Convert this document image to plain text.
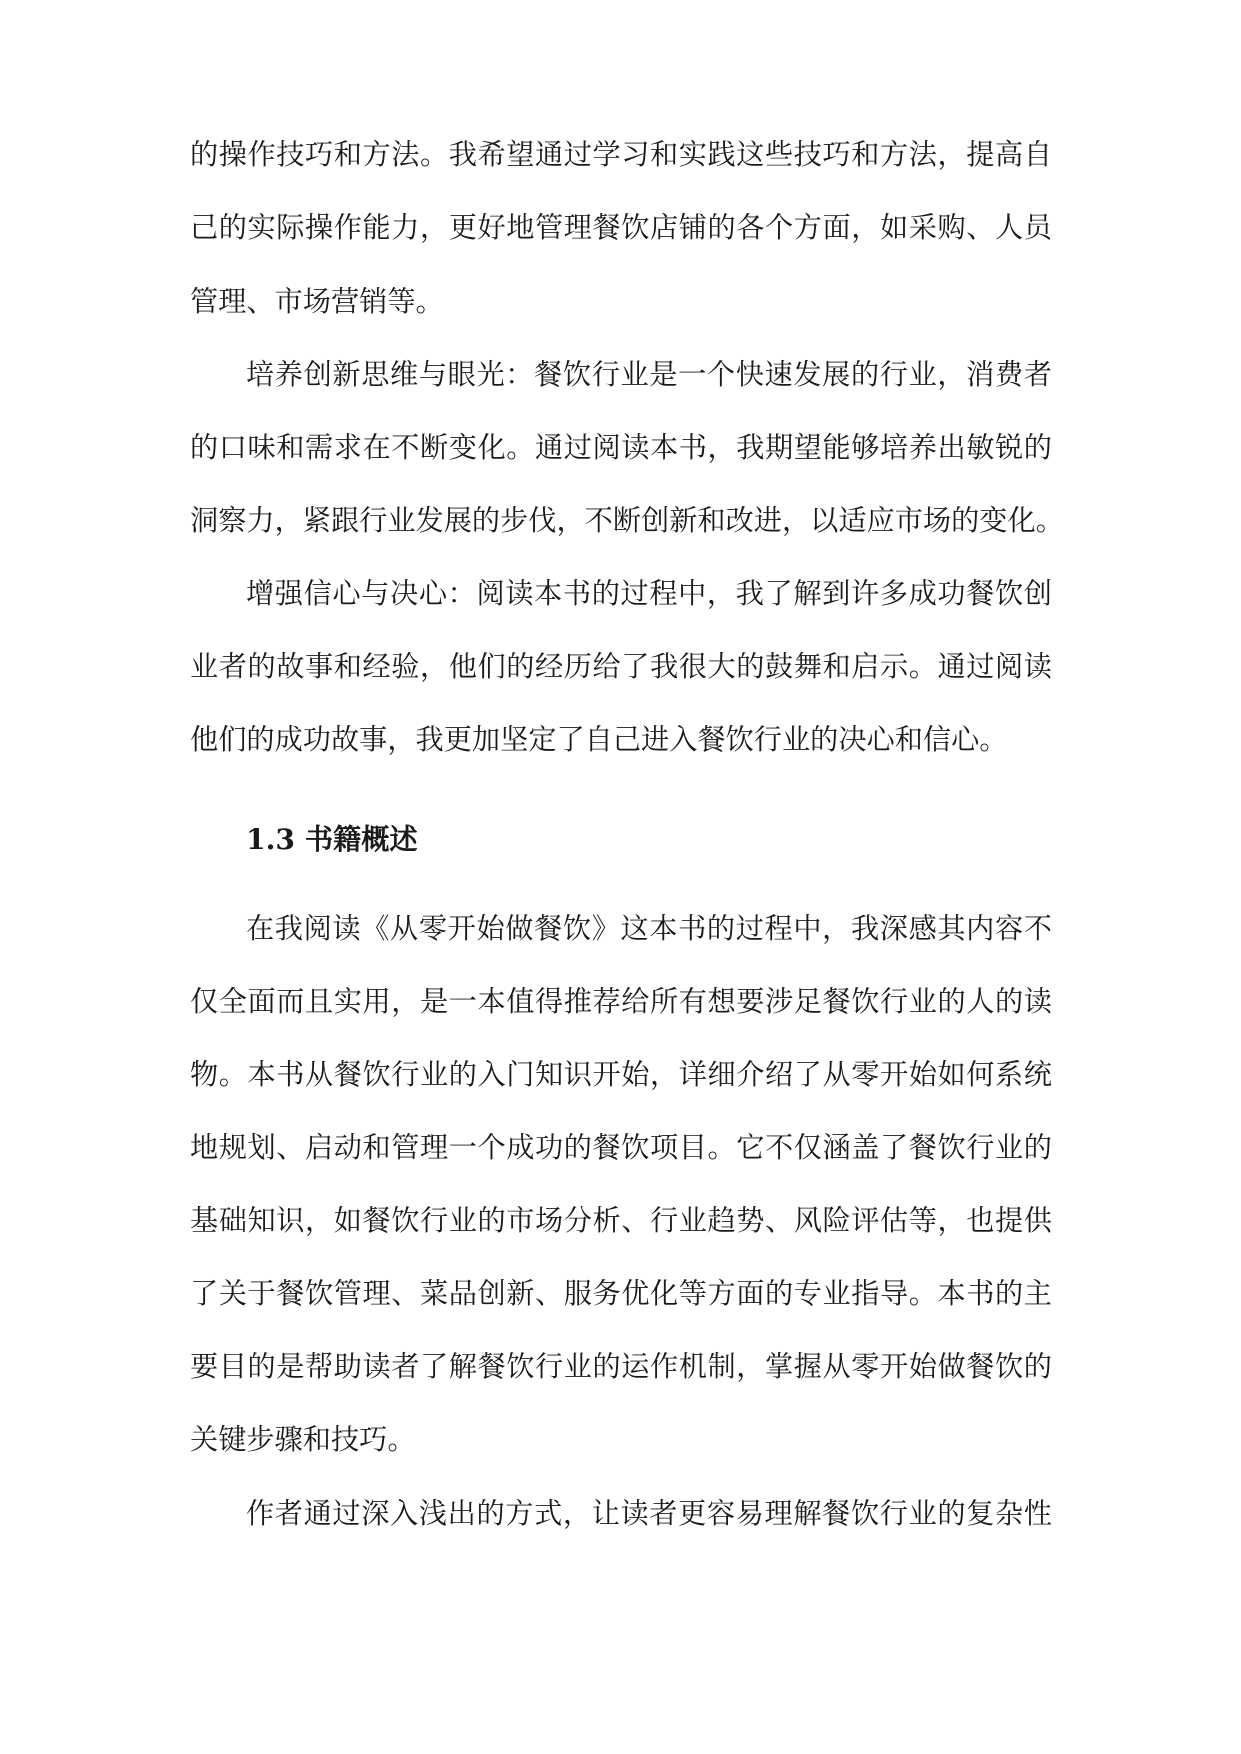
的操作技巧和方法。我希望通过学习和实践这些技巧和方法，提高自
己的实际操作能力，更好地管理餐饮店铺的各个方面，如采购、人员
管理、市场营销等。
培养创新思维与眼光：餐饮行业是一个快速发展的行业，消费者
的口味和需求在不断变化。通过阅读本书，我期望能够培养出敏锐的
洞察力，紧跟行业发展的步伐，不断创新和改进，以适应市场的变化。
增强信心与决心：阅读本书的过程中，我了解到许多成功餐饮创
业者的故事和经验，他们的经历给了我很大的鼓舞和启示。通过阅读
他们的成功故事，我更加坚定了自己进入餐饮行业的决心和信心。
1.3 书籍概述
在我阅读《从零开始做餐饮》这本书的过程中，我深感其内容不
仅全面而且实用，是一本值得推荐给所有想要涉足餐饮行业的人的读
物。本书从餐饮行业的入门知识开始，详细介绍了从零开始如何系统
地规划、启动和管理一个成功的餐饮项目。它不仅涵盖了餐饮行业的
基础知识，如餐饮行业的市场分析、行业趋势、风险评估等，也提供
了关于餐饮管理、菜品创新、服务优化等方面的专业指导。本书的主
要目的是帮助读者了解餐饮行业的运作机制，掌握从零开始做餐饮的
关键步骤和技巧。
作者通过深入浅出的方式，让读者更容易理解餐饮行业的复杂性
